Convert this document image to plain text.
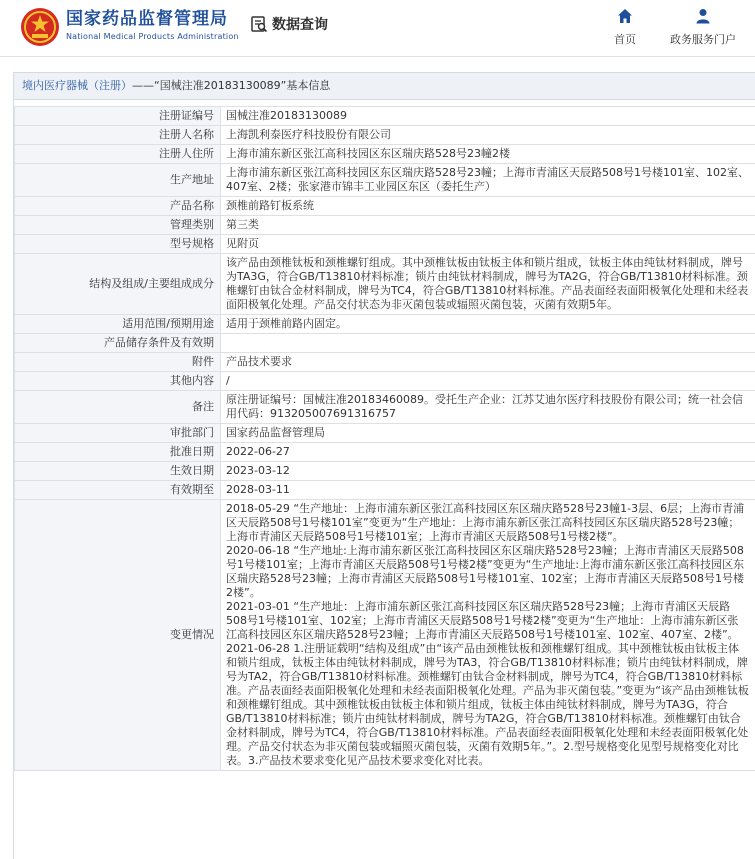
国家药品监督管理局
National Medical Products Administration
数据查询
首页	政务服务门户
境内医疗器械（注册）——“国械注准20183130089”基本信息
注册证编号	国械注准20183130089
注册人名称	上海凯利泰医疗科技股份有限公司
注册人住所	上海市浦东新区张江高科技园区东区瑞庆路528号23幢2楼
生产地址	上海市浦东新区张江高科技园区东区瑞庆路528号23幢；上海市青浦区天辰路508号1号楼101室、102室、407室、2楼；张家港市锦丰工业园区东区（委托生产）
产品名称	颈椎前路钉板系统
管理类别	第三类
型号规格	见附页
结构及组成/主要组成成分	该产品由颈椎钛板和颈椎螺钉组成。其中颈椎钛板由钛板主体和锁片组成，钛板主体由纯钛材料制成，牌号为TA3G，符合GB/T13810材料标准；锁片由纯钛材料制成，牌号为TA2G，符合GB/T13810材料标准。颈椎螺钉由钛合金材料制成，牌号为TC4，符合GB/T13810材料标准。产品表面经表面阳极氧化处理和未经表面阳极氧化处理。产品交付状态为非灭菌包装或辐照灭菌包装，灭菌有效期5年。
适用范围/预期用途	适用于颈椎前路内固定。
产品储存条件及有效期	
附件	产品技术要求
其他内容	/
备注	原注册证编号：国械注准20183460089。受托生产企业：江苏艾迪尔医疗科技股份有限公司；统一社会信用代码：913205007691316757
审批部门	国家药品监督管理局
批准日期	2022-06-27
生效日期	2023-03-12
有效期至	2028-03-11
变更情况	2018-05-29 “生产地址：上海市浦东新区张江高科技园区东区瑞庆路528号23幢1-3层、6层；上海市青浦区天辰路508号1号楼101室”变更为“生产地址：上海市浦东新区张江高科技园区东区瑞庆路528号23幢；上海市青浦区天辰路508号1号楼101室；上海市青浦区天辰路508号1号楼2楼”。
2020-06-18 “生产地址:上海市浦东新区张江高科技园区东区瑞庆路528号23幢；上海市青浦区天辰路508号1号楼101室；上海市青浦区天辰路508号1号楼2楼”变更为“生产地址:上海市浦东新区张江高科技园区东区瑞庆路528号23幢；上海市青浦区天辰路508号1号楼101室、102室；上海市青浦区天辰路508号1号楼2楼”。
2021-03-01 “生产地址：上海市浦东新区张江高科技园区东区瑞庆路528号23幢；上海市青浦区天辰路508号1号楼101室、102室；上海市青浦区天辰路508号1号楼2楼”变更为“生产地址：上海市浦东新区张江高科技园区东区瑞庆路528号23幢；上海市青浦区天辰路508号1号楼101室、102室、407室、2楼”。
2021-06-28 1.注册证载明“结构及组成”由“该产品由颈椎钛板和颈椎螺钉组成。其中颈椎钛板由钛板主体和锁片组成，钛板主体由纯钛材料制成，牌号为TA3，符合GB/T13810材料标准；锁片由纯钛材料制成，牌号为TA2，符合GB/T13810材料标准。颈椎螺钉由钛合金材料制成，牌号为TC4，符合GB/T13810材料标准。产品表面经表面阳极氧化处理和未经表面阳极氧化处理。产品为非灭菌包装。”变更为“该产品由颈椎钛板和颈椎螺钉组成。其中颈椎钛板由钛板主体和锁片组成，钛板主体由纯钛材料制成，牌号为TA3G，符合GB/T13810材料标准；锁片由纯钛材料制成，牌号为TA2G，符合GB/T13810材料标准。颈椎螺钉由钛合金材料制成，牌号为TC4，符合GB/T13810材料标准。产品表面经表面阳极氧化处理和未经表面阳极氧化处理。产品交付状态为非灭菌包装或辐照灭菌包装，灭菌有效期5年。”。2.型号规格变化见型号规格变化对比表。3.产品技术要求变化见产品技术要求变化对比表。
